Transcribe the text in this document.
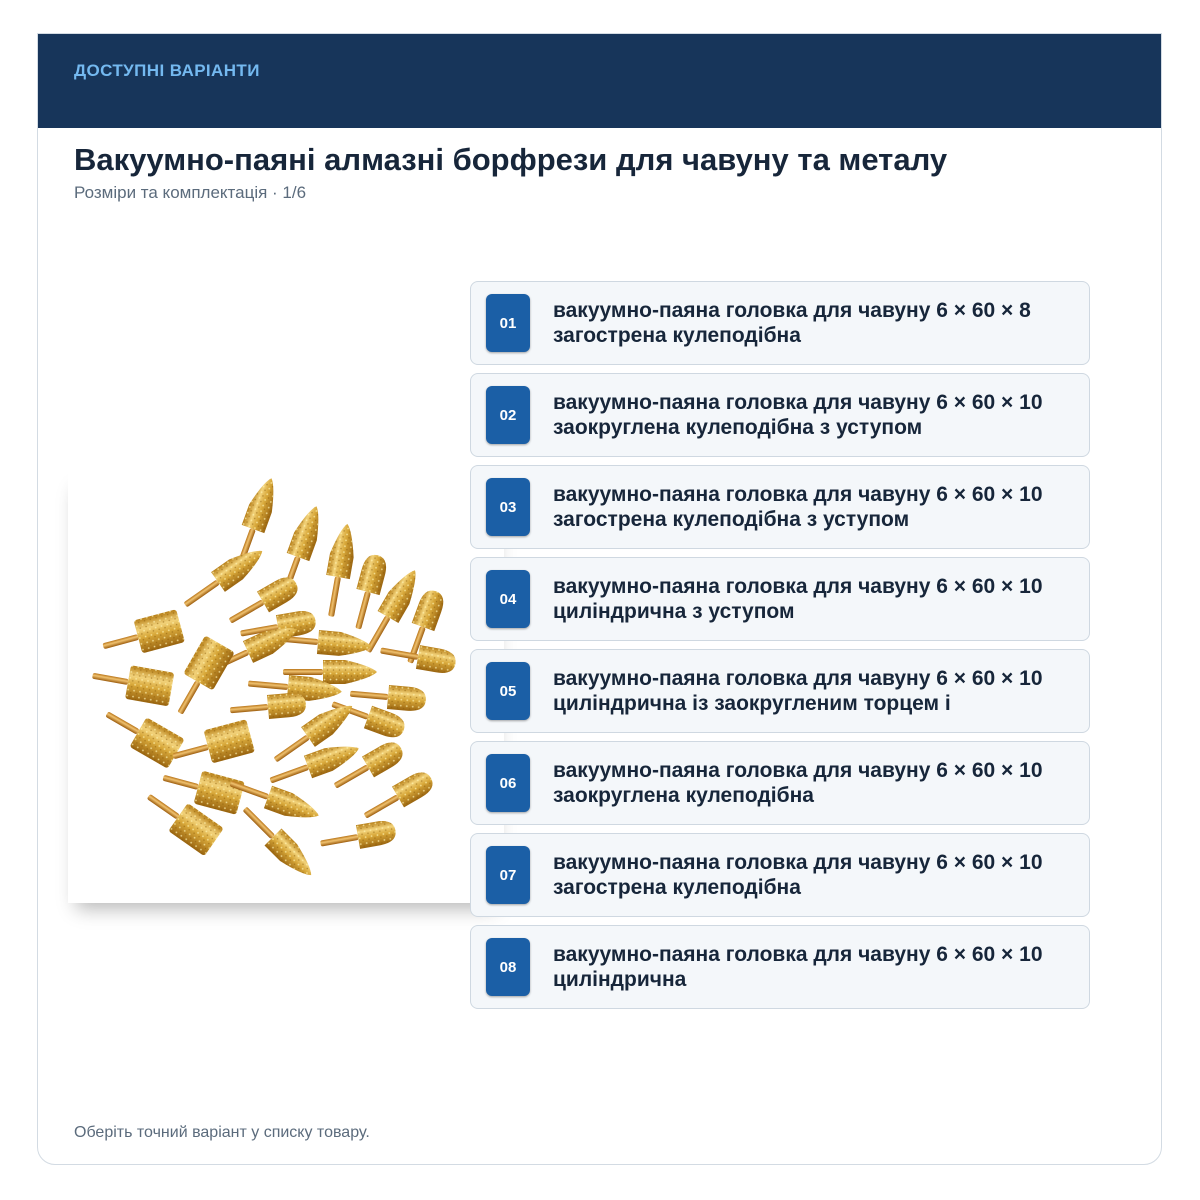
ДОСТУПНІ ВАРІАНТИ
Вакуумно-паяні алмазні борфрези для чавуну та металу
Розміри та комплектація · 1/6
Оберіть точний варіант у списку товару.
01
вакуумно-паяна головка для чавуну 6 × 60 × 8 загострена кулеподібна
02
вакуумно-паяна головка для чавуну 6 × 60 × 10 заокруглена кулеподібна з уступом
03
вакуумно-паяна головка для чавуну 6 × 60 × 10 загострена кулеподібна з уступом
04
вакуумно-паяна головка для чавуну 6 × 60 × 10 циліндрична з уступом
05
вакуумно-паяна головка для чавуну 6 × 60 × 10 циліндрична із заокругленим торцем і
06
вакуумно-паяна головка для чавуну 6 × 60 × 10 заокруглена кулеподібна
07
вакуумно-паяна головка для чавуну 6 × 60 × 10 загострена кулеподібна
08
вакуумно-паяна головка для чавуну 6 × 60 × 10 циліндрична
